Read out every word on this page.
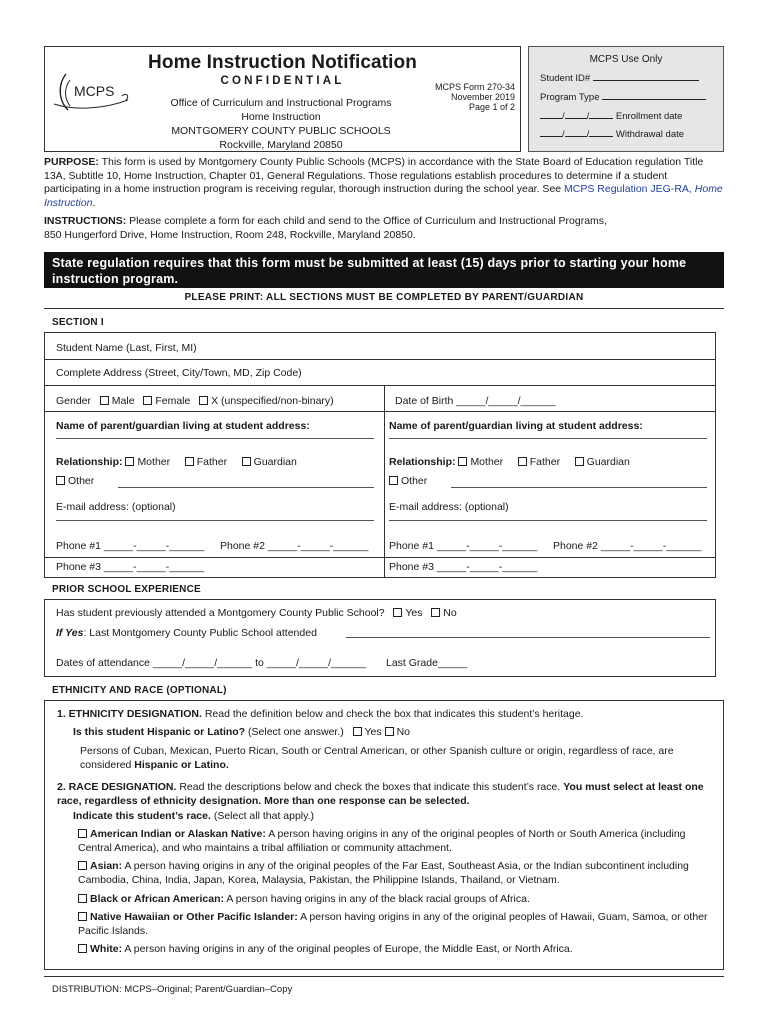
MCPS
Home Instruction Notification
CONFIDENTIAL
Office of Curriculum and Instructional Programs
Home Instruction
MONTGOMERY COUNTY PUBLIC SCHOOLS
Rockville, Maryland 20850
MCPS Form 270-34
November 2019
Page 1 of 2
MCPS Use Only
Student ID#
Program Type
/ /	Enrollment date
/ /	Withdrawal date
PURPOSE: This form is used by Montgomery County Public Schools (MCPS) in accordance with the State Board of Education regulation Title 13A, Subtitle 10, Home Instruction, Chapter 01, General Regulations. Those regulations establish procedures to determine if a student participating in a home instruction program is receiving regular, thorough instruction during the school year. See MCPS Regulation JEG-RA, Home Instruction.
INSTRUCTIONS: Please complete a form for each child and send to the Office of Curriculum and Instructional Programs,
850 Hungerford Drive, Home Instruction, Room 248, Rockville, Maryland 20850.
State regulation requires that this form must be submitted at least (15) days prior to starting your home instruction program.
PLEASE PRINT: ALL SECTIONS MUST BE COMPLETED BY PARENT/GUARDIAN
SECTION I
Student Name (Last, First, MI)
Complete Address (Street, City/Town, MD, Zip Code)
Gender Male Female X (unspecified/non-binary)	Date of Birth _____/_____/______
Name of parent/guardian living at student address:
Relationship: Mother	Father	Guardian
Other
E-mail address: (optional)
Phone #1 _____-_____-______ Phone #2 _____-_____-______
Phone #3 _____-_____-______
Name of parent/guardian living at student address:
Relationship: Mother	Father	Guardian
Other
E-mail address: (optional)
Phone #1 _____-_____-______ Phone #2 _____-_____-______
Phone #3 _____-_____-______
PRIOR SCHOOL EXPERIENCE
Has student previously attended a Montgomery County Public School? Yes No
If Yes: Last Montgomery County Public School attended
Dates of attendance _____/_____/______ to _____/_____/______ Last Grade_____
ETHNICITY AND RACE (OPTIONAL)
1. ETHNICITY DESIGNATION. Read the definition below and check the box that indicates this student’s heritage.
Is this student Hispanic or Latino? (Select one answer.) Yes No
Persons of Cuban, Mexican, Puerto Rican, South or Central American, or other Spanish culture or origin, regardless of race, are considered Hispanic or Latino.
2. RACE DESIGNATION. Read the descriptions below and check the boxes that indicate this student’s race. You must select at least one race, regardless of ethnicity designation. More than one response can be selected.
Indicate this student’s race. (Select all that apply.)
American Indian or Alaskan Native: A person having origins in any of the original peoples of North or South America (including Central America), and who maintains a tribal affiliation or community attachment.
Asian: A person having origins in any of the original peoples of the Far East, Southeast Asia, or the Indian subcontinent including Cambodia, China, India, Japan, Korea, Malaysia, Pakistan, the Philippine Islands, Thailand, or Vietnam.
Black or African American: A person having origins in any of the black racial groups of Africa.
Native Hawaiian or Other Pacific Islander: A person having origins in any of the original peoples of Hawaii, Guam, Samoa, or other Pacific Islands.
White: A person having origins in any of the original peoples of Europe, the Middle East, or North Africa.
DISTRIBUTION: MCPS–Original; Parent/Guardian–Copy
